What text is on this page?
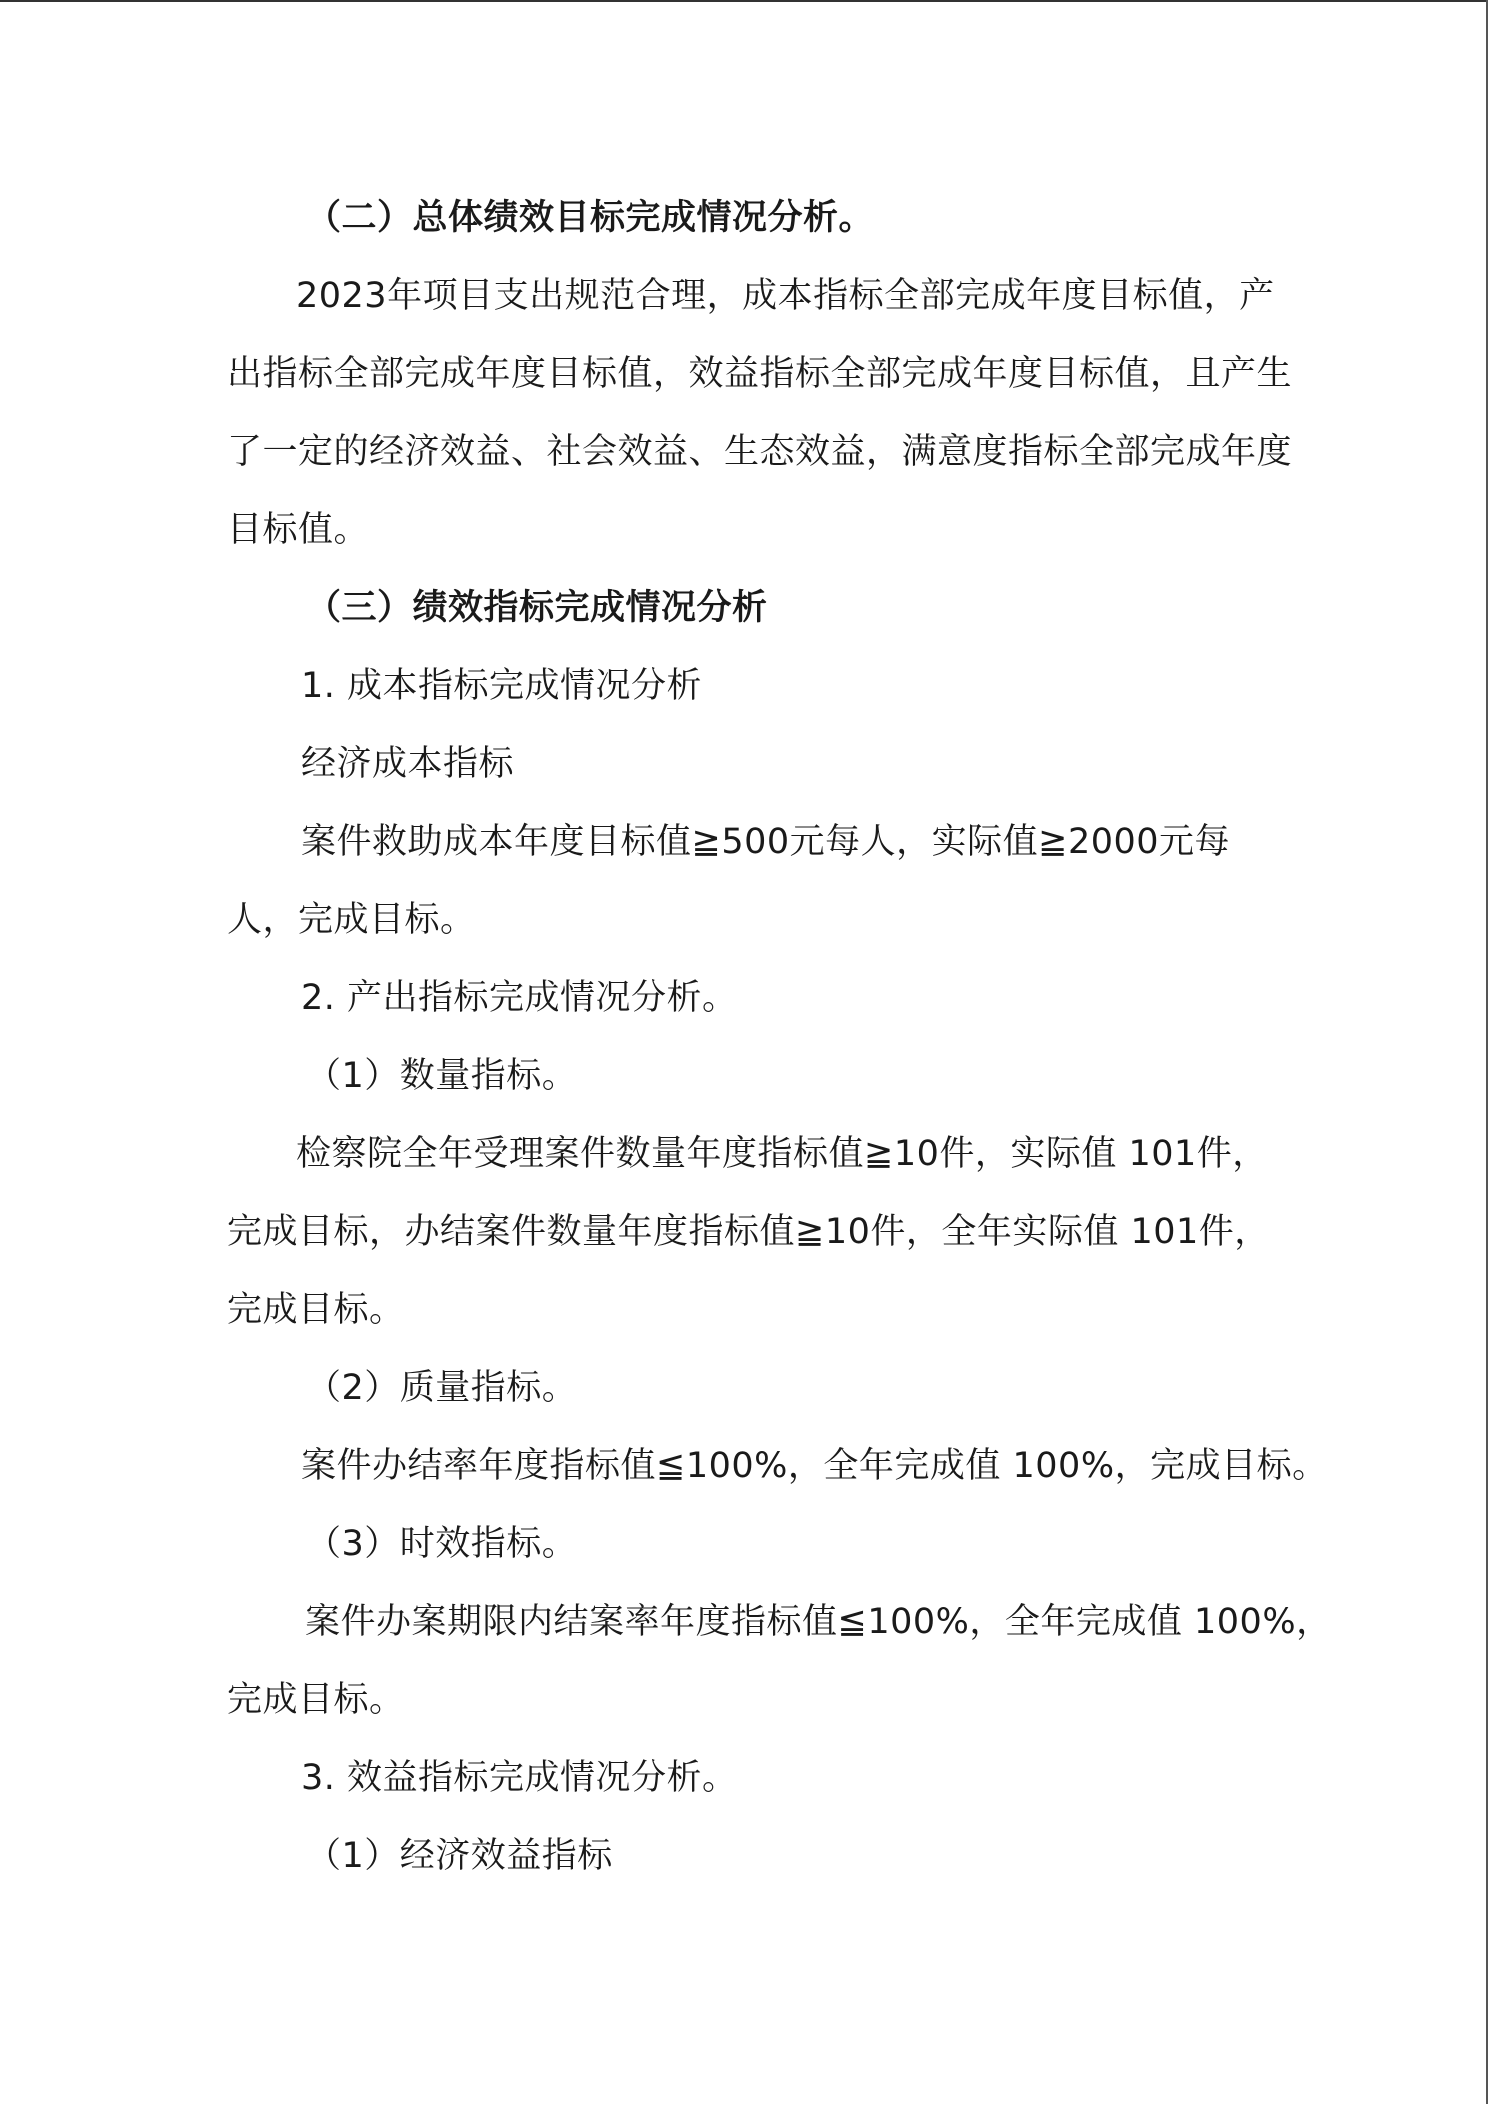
（二）总体绩效目标完成情况分析。
2023年项目支出规范合理，成本指标全部完成年度目标值，产
出指标全部完成年度目标值，效益指标全部完成年度目标值，且产生
了一定的经济效益、社会效益、生态效益，满意度指标全部完成年度
目标值。
（三）绩效指标完成情况分析
1. 成本指标完成情况分析
经济成本指标
案件救助成本年度目标值≧500元每人，实际值≧2000元每
人，完成目标。
2. 产出指标完成情况分析。
（1）数量指标。
检察院全年受理案件数量年度指标值≧10件，实际值 101件，
完成目标，办结案件数量年度指标值≧10件，全年实际值 101件，
完成目标。
（2）质量指标。
案件办结率年度指标值≦100%，全年完成值 100%，完成目标。
（3）时效指标。
案件办案期限内结案率年度指标值≦100%，全年完成值 100%，
完成目标。
3. 效益指标完成情况分析。
（1）经济效益指标
